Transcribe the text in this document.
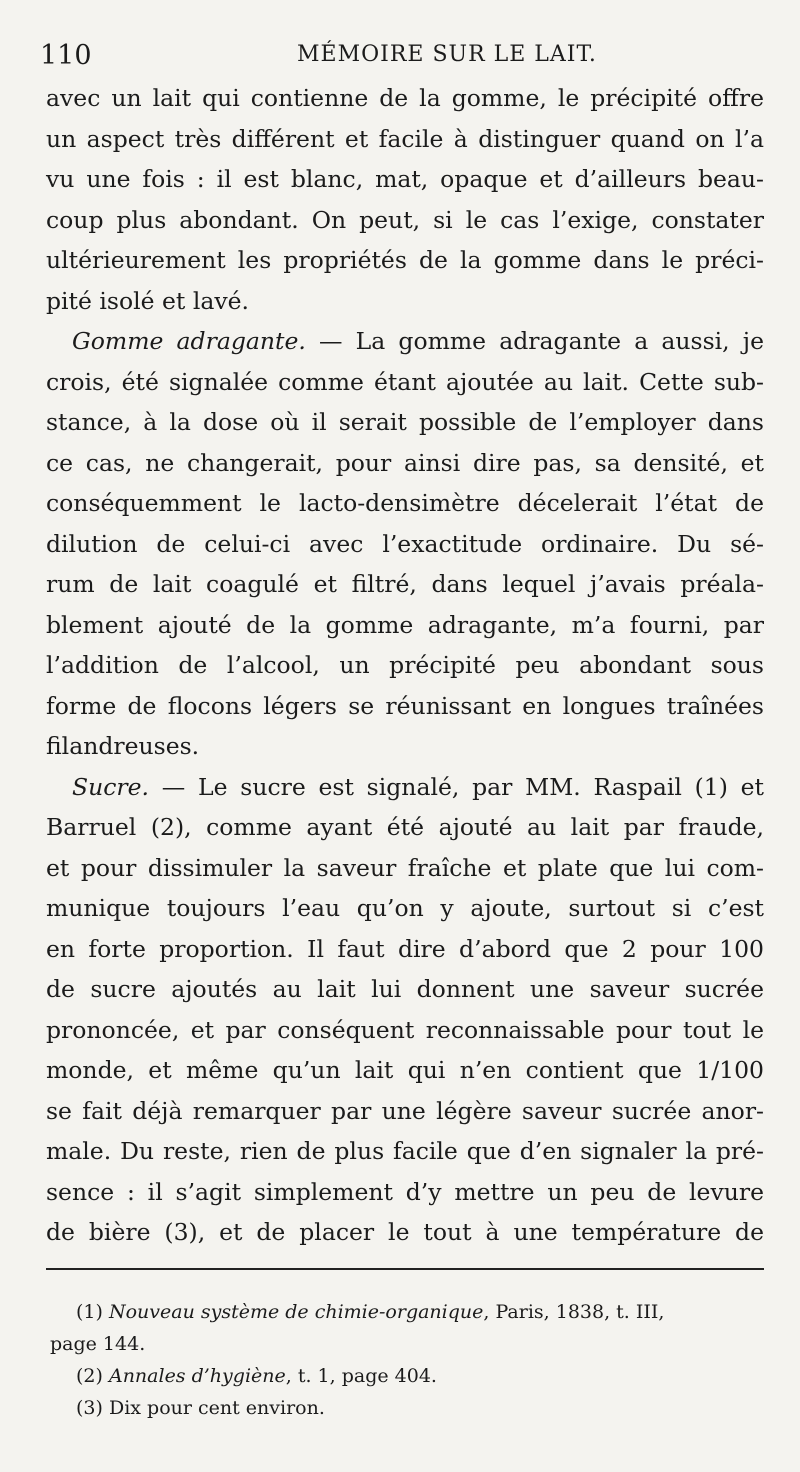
110	MÉMOIRE SUR LE LAIT.
avec un lait qui contienne de la gomme, le précipité offre
un aspect très différent et facile à distinguer quand on l’a
vu une fois : il est blanc, mat, opaque et d’ailleurs beau-
coup plus abondant. On peut, si le cas l’exige, constater
ultérieurement les propriétés de la gomme dans le préci-
pité isolé et lavé.
Gomme adragante. — La gomme adragante a aussi, je
crois, été signalée comme étant ajoutée au lait. Cette sub-
stance, à la dose où il serait possible de l’employer dans
ce cas, ne changerait, pour ainsi dire pas, sa densité, et
conséquemment le lacto-densimètre décelerait l’état de
dilution de celui-ci avec l’exactitude ordinaire. Du sé-
rum de lait coagulé et filtré, dans lequel j’avais préala-
blement ajouté de la gomme adragante, m’a fourni, par
l’addition de l’alcool, un précipité peu abondant sous
forme de flocons légers se réunissant en longues traînées
filandreuses.
Sucre. — Le sucre est signalé, par MM. Raspail (1) et
Barruel (2), comme ayant été ajouté au lait par fraude,
et pour dissimuler la saveur fraîche et plate que lui com-
munique toujours l’eau qu’on y ajoute, surtout si c’est
en forte proportion. Il faut dire d’abord que 2 pour 100
de sucre ajoutés au lait lui donnent une saveur sucrée
prononcée, et par conséquent reconnaissable pour tout le
monde, et même qu’un lait qui n’en contient que 1/100
se fait déjà remarquer par une légère saveur sucrée anor-
male. Du reste, rien de plus facile que d’en signaler la pré-
sence : il s’agit simplement d’y mettre un peu de levure
de bière (3), et de placer le tout à une température de
(1) Nouveau système de chimie-organique, Paris, 1838, t. III,
page 144.
(2) Annales d’hygiène, t. 1, page 404.
(3) Dix pour cent environ.
